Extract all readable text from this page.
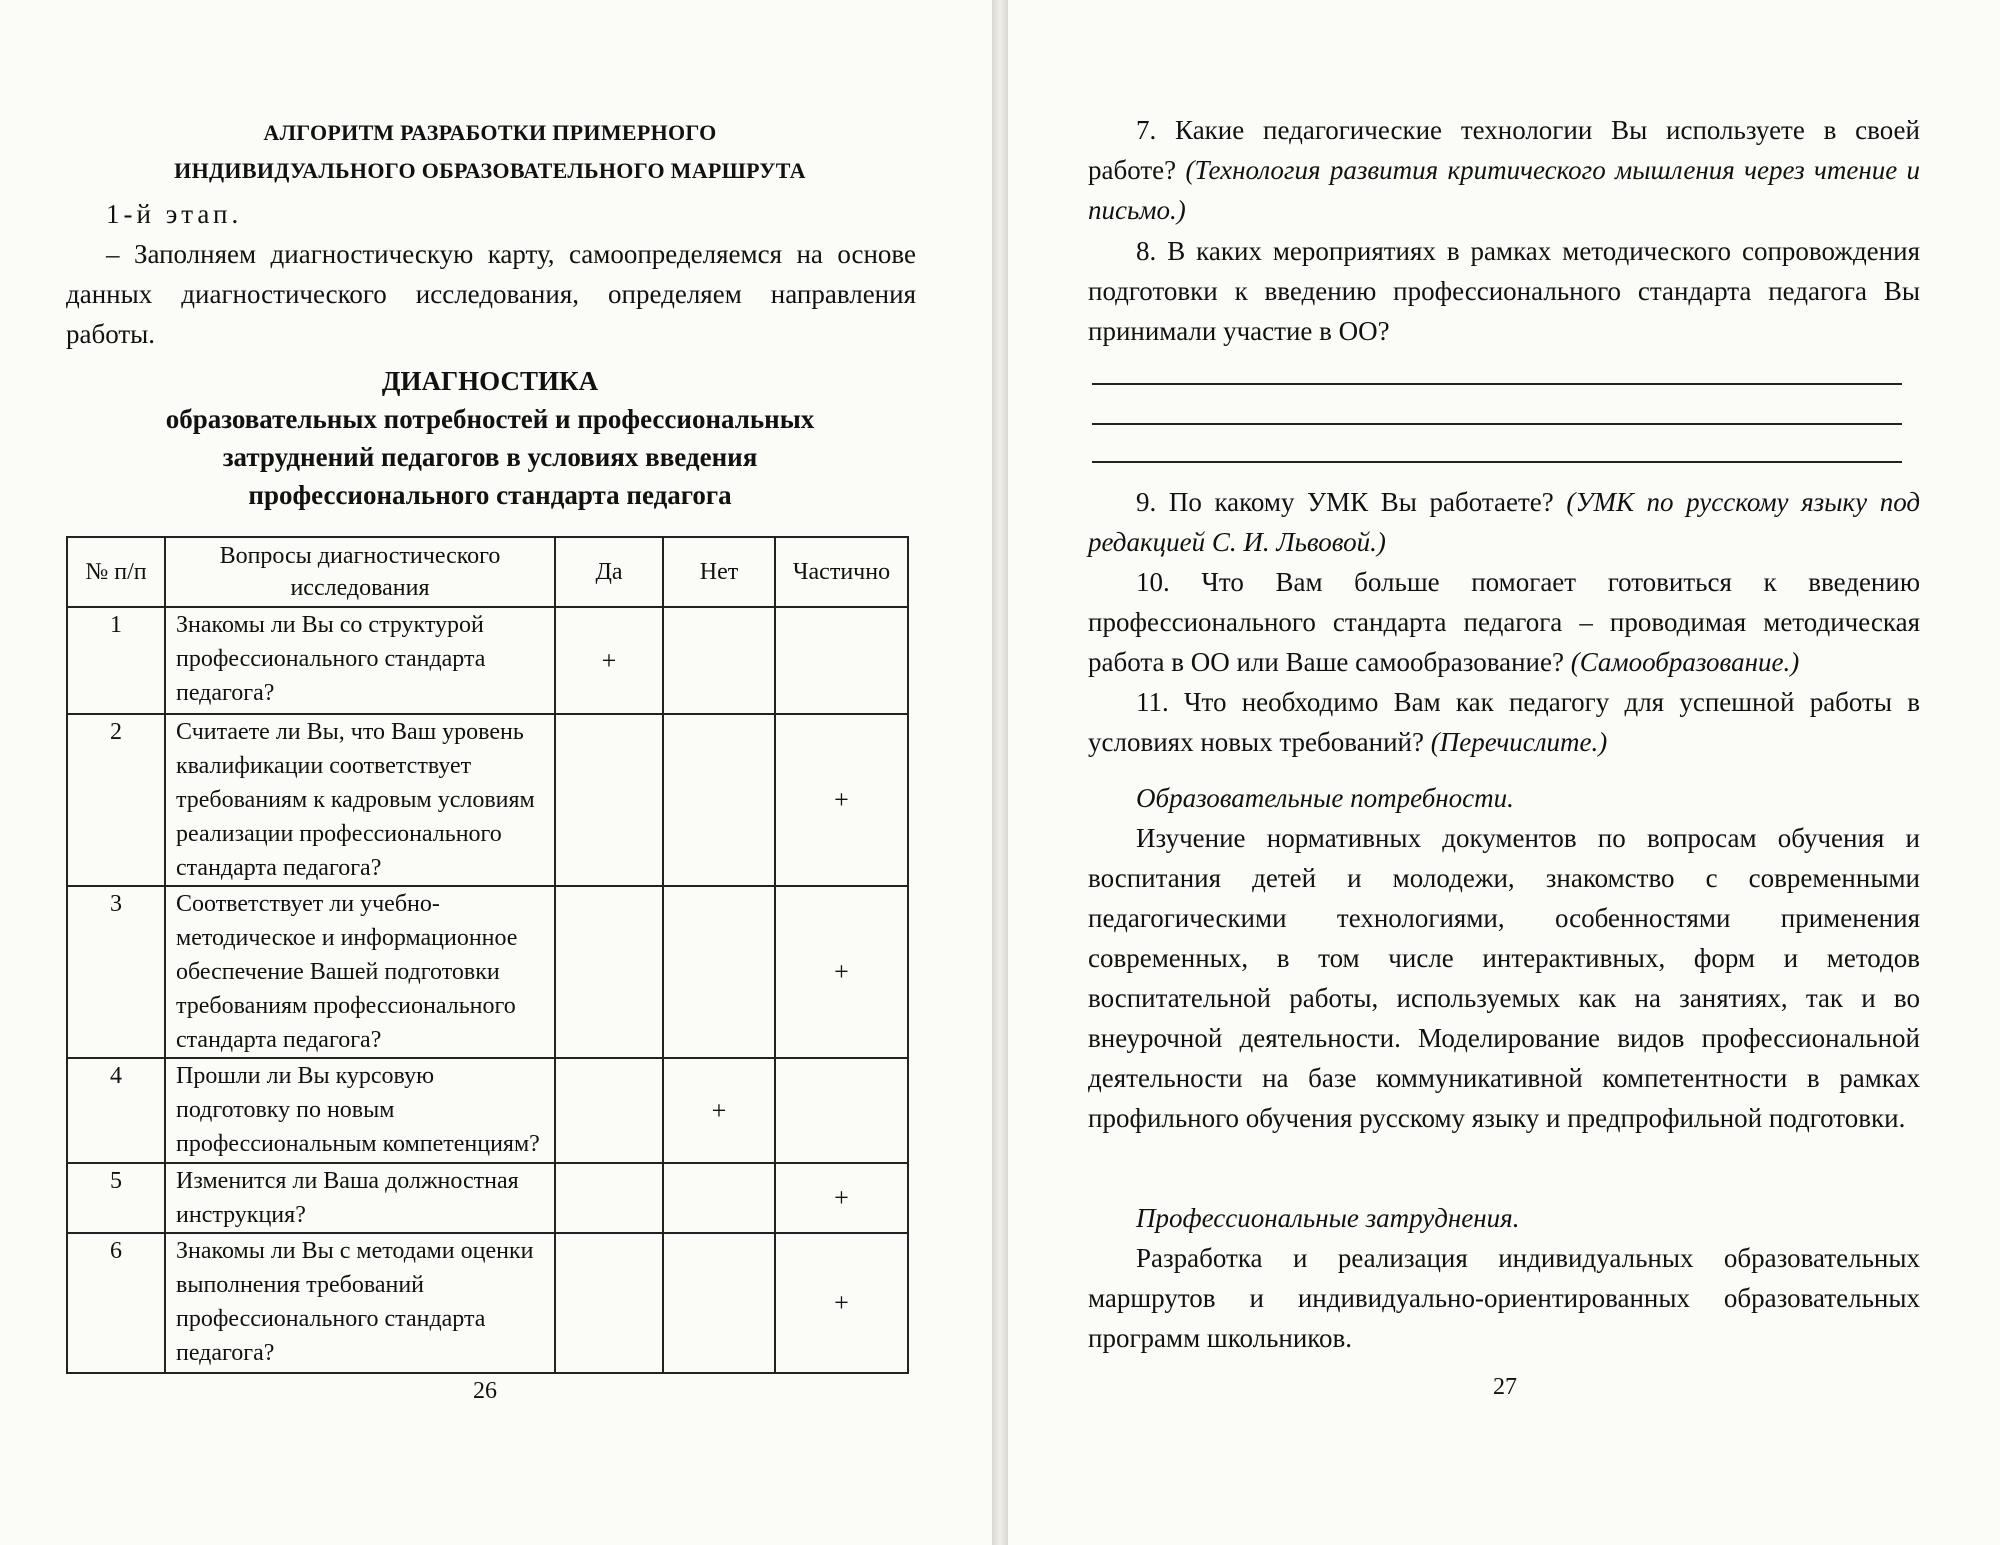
АЛГОРИТМ РАЗРАБОТКИ ПРИМЕРНОГО
ИНДИВИДУАЛЬНОГО ОБРАЗОВАТЕЛЬНОГО МАРШРУТА

1-й этап.

– Заполняем диагностическую карту, самоопределяемся на основе данных диагностического исследования, определяем направления работы.

ДИАГНОСТИКА

образовательных потребностей и профессиональных

затруднений педагогов в условиях введения

профессионального стандарта педагога

№ п/п	Вопросы диагностического исследования	Да	Нет	Частично
1	Знакомы ли Вы со структурой профессионального стандарта педагога?	+		
2	Считаете ли Вы, что Ваш уровень квалификации соответствует требованиям к кадровым условиям реализации профессионального стандарта педагога?			+
3	Соответствует ли учебно-методическое и информационное обеспечение Вашей подготовки требованиям профессионального стандарта педагога?			+
4	Прошли ли Вы курсовую подготовку по новым профессиональным компетенциям?		+	
5	Изменится ли Ваша должностная инструкция?			+
6	Знакомы ли Вы с методами оценки выполнения требований профессионального стандарта педагога?			+
26

7. Какие педагогические технологии Вы используете в своей работе? (Технология развития критического мышления через чтение и письмо.)

8. В каких мероприятиях в рамках методического сопровождения подготовки к введению профессионального стандарта педагога Вы принимали участие в ОО?

9. По какому УМК Вы работаете? (УМК по русскому языку под редакцией С. И. Львовой.)

10. Что Вам больше помогает готовиться к введению профессионального стандарта педагога – проводимая методическая работа в ОО или Ваше самообразование? (Самообразование.)

11. Что необходимо Вам как педагогу для успешной работы в условиях новых требований? (Перечислите.)

Образовательные потребности.

Изучение нормативных документов по вопросам обучения и воспитания детей и молодежи, знакомство с современными педагогическими технологиями, особенностями применения современных, в том числе интерактивных, форм и методов воспитательной работы, используемых как на занятиях, так и во внеурочной деятельности. Моделирование видов профессиональной деятельности на базе коммуникативной компетентности в рамках профильного обучения русскому языку и предпрофильной подготовки.

Профессиональные затруднения.

Разработка и реализация индивидуальных образовательных маршрутов и индивидуально-ориентированных образовательных программ школьников.

27
